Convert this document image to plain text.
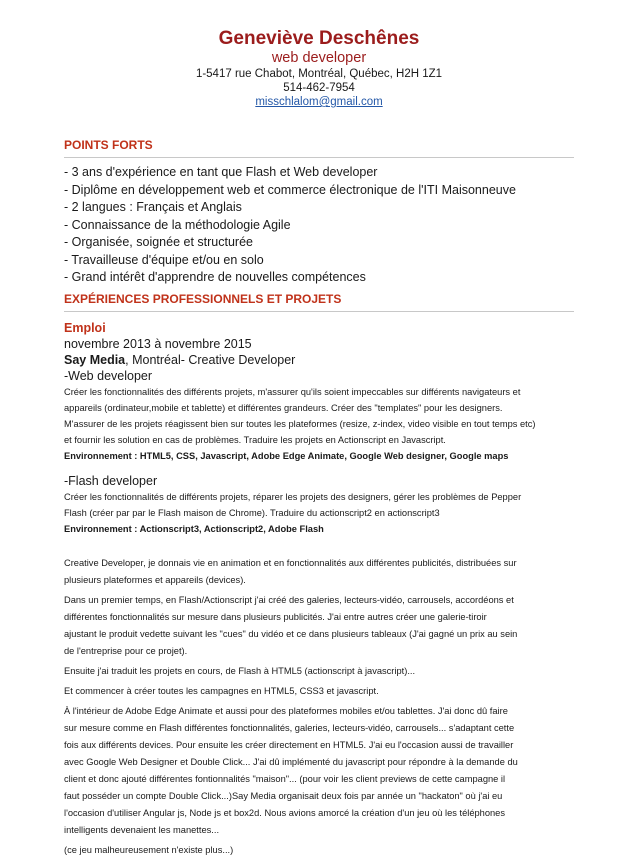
Geneviève Deschênes
web developer
1-5417 rue Chabot, Montréal, Québec, H2H 1Z1
514-462-7954
misschlalom@gmail.com
POINTS FORTS
- 3 ans d'expérience en tant que Flash et Web developer
- Diplôme en développement web et commerce électronique de l'ITI Maisonneuve
- 2 langues : Français et Anglais
- Connaissance de la méthodologie Agile
- Organisée, soignée et structurée
- Travailleuse d'équipe et/ou en solo
- Grand intérêt d'apprendre de nouvelles compétences
EXPÉRIENCES PROFESSIONNELS ET PROJETS
Emploi
novembre 2013 à novembre 2015
Say Media, Montréal- Creative Developer
-Web developer
Créer les fonctionnalités des différents projets, m'assurer qu'ils soient impeccables sur différents navigateurs et
appareils (ordinateur,mobile et tablette) et différentes grandeurs. Créer des "templates" pour les designers.
M'assurer de les projets réagissent bien sur toutes les plateformes (resize, z-index, video visible en tout temps etc)
et fournir les solution en cas de problèmes. Traduire les projets en Actionscript en Javascript.
Environnement : HTML5, CSS, Javascript, Adobe Edge Animate, Google Web designer, Google maps
-Flash developer
Créer les fonctionnalités de différents projets, réparer les projets des designers, gérer les problèmes de Pepper
Flash (créer par par le Flash maison de Chrome). Traduire du actionscript2 en actionscript3
Environnement : Actionscript3, Actionscript2, Adobe Flash
Creative Developer, je donnais vie en animation et en fonctionnalités aux différentes publicités, distribuées sur
plusieurs plateformes et appareils (devices).
Dans un premier temps, en Flash/Actionscript j'ai créé des galeries, lecteurs-vidéo, carrousels, accordéons et
différentes fonctionnalités sur mesure dans plusieurs publicités. J'ai entre autres créer une galerie-tiroir
ajustant le produit vedette suivant les "cues" du vidéo et ce dans plusieurs tableaux (J'ai gagné un prix au sein
de l'entreprise pour ce projet).
Ensuite j'ai traduit les projets en cours, de Flash à HTML5 (actionscript à javascript)...
Et commencer à créer toutes les campagnes en HTML5, CSS3 et javascript.
À l'intérieur de Adobe Edge Animate et aussi pour des plateformes mobiles et/ou tablettes. J'ai donc dû faire
sur mesure comme en Flash différentes fonctionnalités, galeries, lecteurs-vidéo, carrousels... s'adaptant cette
fois aux différents devices. Pour ensuite les créer directement en HTML5. J'ai eu l'occasion aussi de travailler
avec Google Web Designer et Double Click... J'ai dû implémenté du javascript pour répondre à la demande du
client et donc ajouté différentes fontionnalités "maison"... (pour voir les client previews de cette campagne il
faut posséder un compte Double Click...)Say Media organisait deux fois par année un "hackaton" où j'ai eu
l'occasion d'utiliser Angular js, Node js et box2d. Nous avions amorcé la création d'un jeu où les téléphones
intelligents devenaient les manettes...
(ce jeu malheureusement n'existe plus...)
